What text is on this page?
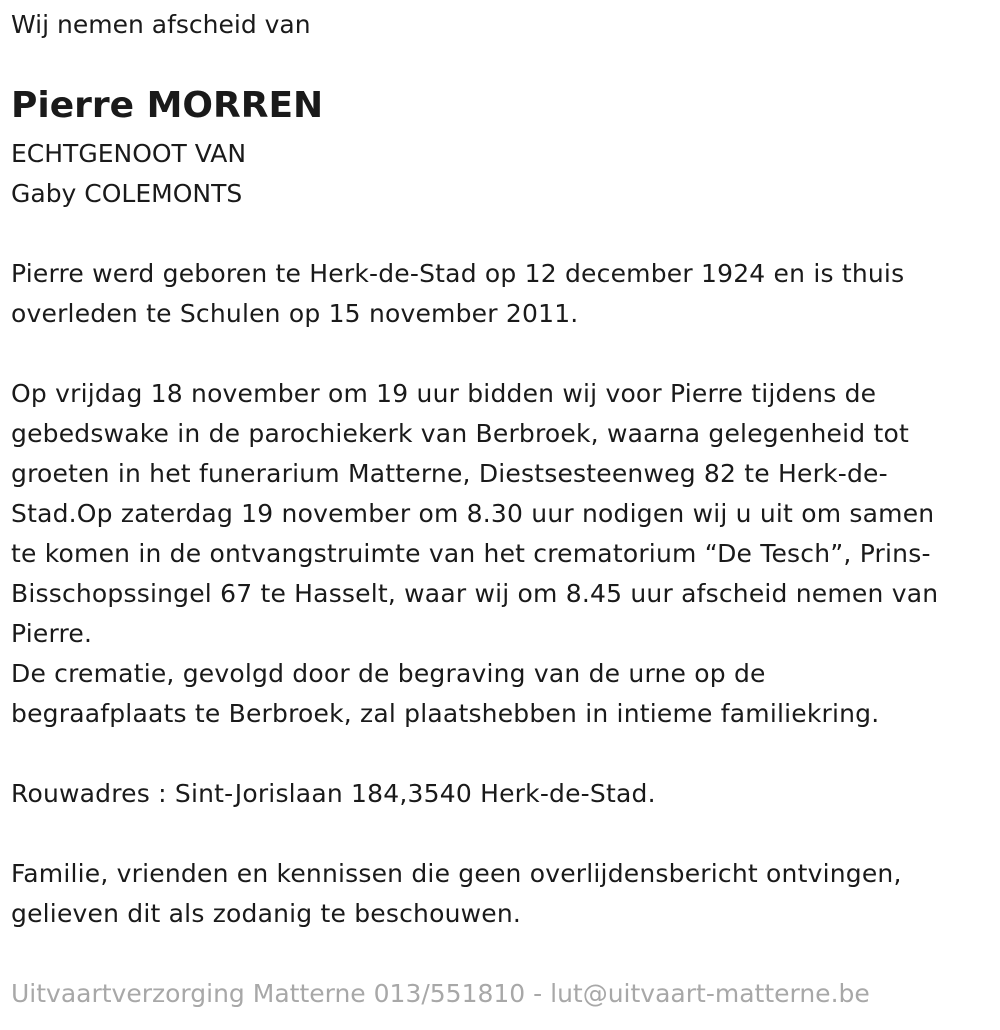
Wij nemen afscheid van
Pierre MORREN
ECHTGENOOT VAN
Gaby COLEMONTS
Pierre werd geboren te Herk-de-Stad op 12 december 1924 en is thuis
overleden te Schulen op 15 november 2011.
Op vrijdag 18 november om 19 uur bidden wij voor Pierre tijdens de
gebedswake in de parochiekerk van Berbroek, waarna gelegenheid tot
groeten in het funerarium Matterne, Diestsesteenweg 82 te Herk-de-
Stad.Op zaterdag 19 november om 8.30 uur nodigen wij u uit om samen
te komen in de ontvangstruimte van het crematorium “De Tesch”, Prins-
Bisschopssingel 67 te Hasselt, waar wij om 8.45 uur afscheid nemen van
Pierre.
De crematie, gevolgd door de begraving van de urne op de
begraafplaats te Berbroek, zal plaatshebben in intieme familiekring.
Rouwadres : Sint-Jorislaan 184,3540 Herk-de-Stad.
Familie, vrienden en kennissen die geen overlijdensbericht ontvingen,
gelieven dit als zodanig te beschouwen.
Uitvaartverzorging Matterne 013/551810 - lut@uitvaart-matterne.be
